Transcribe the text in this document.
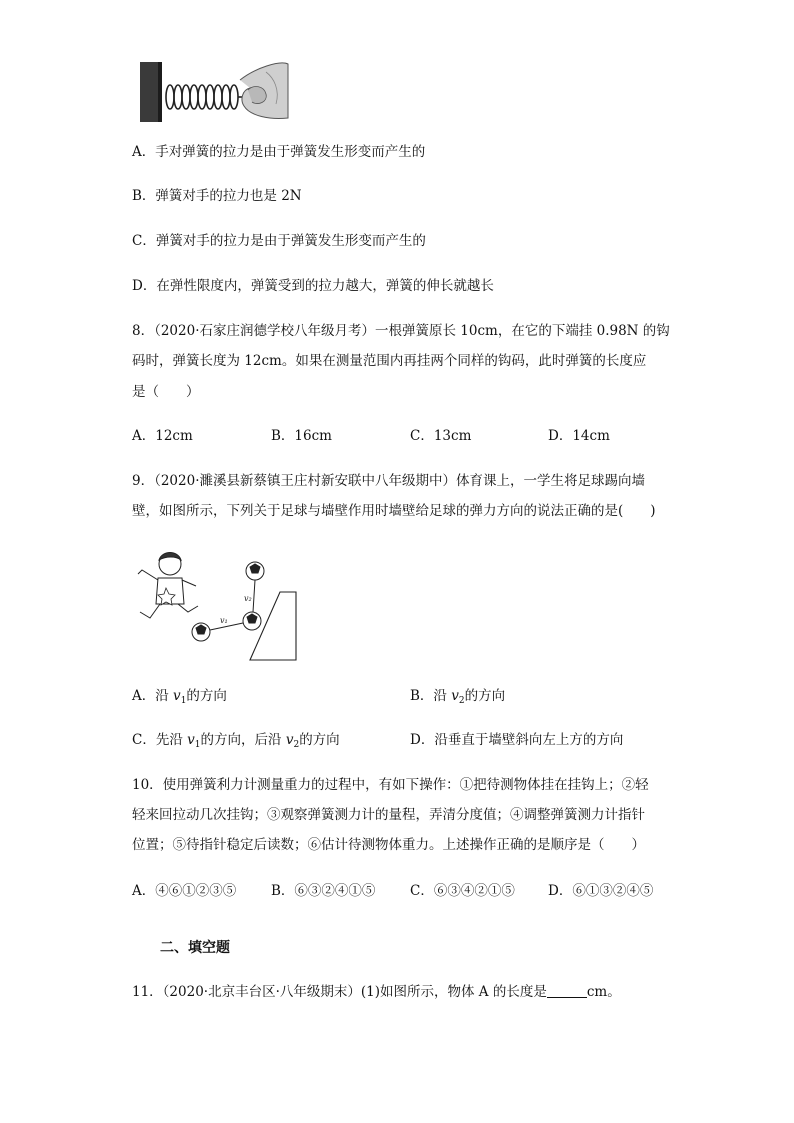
A．手对弹簧的拉力是由于弹簧发生形变而产生的
B．弹簧对手的拉力也是 2N
C．弹簧对手的拉力是由于弹簧发生形变而产生的
D．在弹性限度内，弹簧受到的拉力越大，弹簧的伸长就越长
8．（2020·石家庄润德学校八年级月考）一根弹簧原长 10cm，在它的下端挂 0.98N 的钩
码时，弹簧长度为 12cm。如果在测量范围内再挂两个同样的钩码，此时弹簧的长度应
是（　　）
A．12cm	B．16cm	C．13cm	D．14cm
9．（2020·濉溪县新蔡镇王庄村新安联中八年级期中）体育课上，一学生将足球踢向墙
壁，如图所示，下列关于足球与墙壁作用时墙壁给足球的弹力方向的说法正确的是(　　)
v₁
v₂
A．沿 $v_1$的方向	B．沿 $v_2$的方向
C．先沿 $v_1$的方向，后沿 $v_2$的方向	D．沿垂直于墙壁斜向左上方的方向
10．使用弹簧利力计测量重力的过程中，有如下操作：①把待测物体挂在挂钩上；②轻
轻来回拉动几次挂钩；③观察弹簧测力计的量程，弄清分度值；④调整弹簧测力计指针
位置；⑤待指针稳定后读数；⑥估计待测物体重力。上述操作正确的是顺序是（　　）
A．④⑥①②③⑤	B．⑥③②④①⑤	C．⑥③④②①⑤ D．⑥①③②④⑤
二、填空题
11．（2020·北京丰台区·八年级期末）(1)如图所示，物体 A 的长度是	cm。
